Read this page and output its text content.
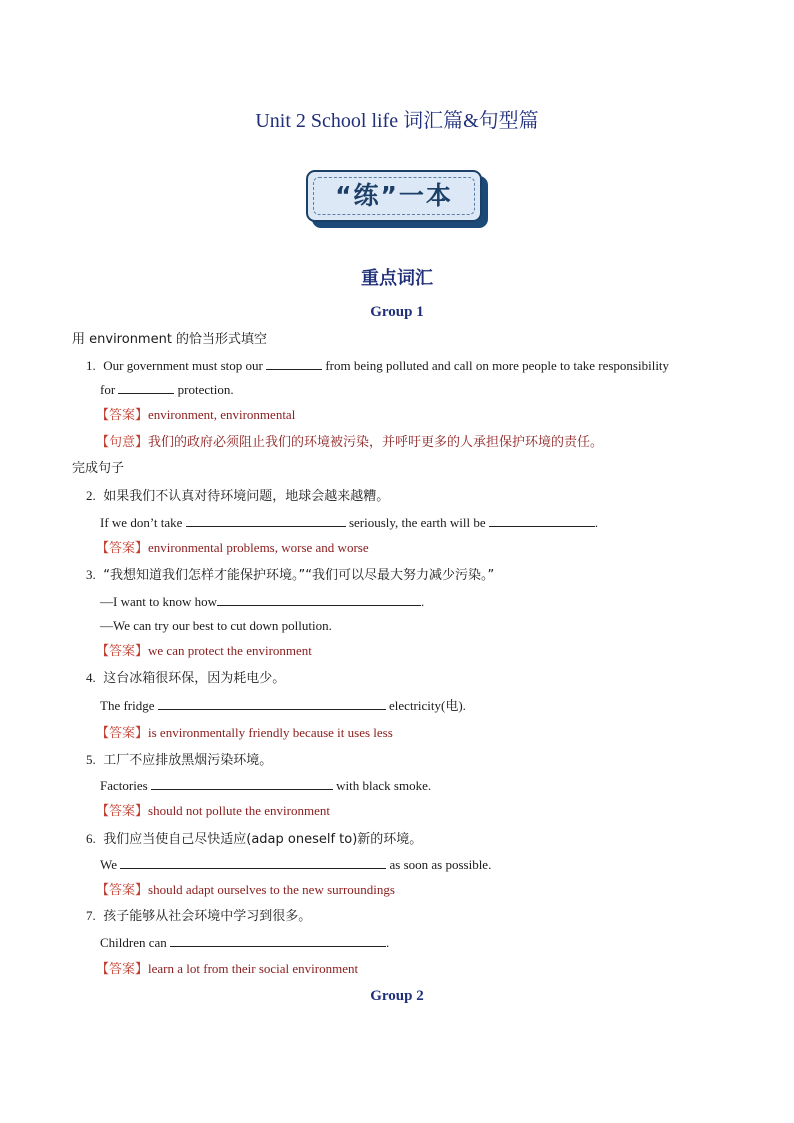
Unit 2 School life 词汇篇&句型篇
“练”一本
重点词汇
Group 1
用 environment 的恰当形式填空
1. Our government must stop our	from being polluted and call on more people to take responsibility
for	protection.
【答案】environment, environmental
【句意】我们的政府必须阻止我们的环境被污染，并呼吁更多的人承担保护环境的责任。
完成句子
2. 如果我们不认真对待环境问题，地球会越来越糟。
If we don’t take	seriously, the earth will be	.
【答案】environmental problems, worse and worse
3. “我想知道我们怎样才能保护环境。”“我们可以尽最大努力减少污染。”
—I want to know how	.
—We can try our best to cut down pollution.
【答案】we can protect the environment
4. 这台冰箱很环保，因为耗电少。
The fridge	electricity(电).
【答案】is environmentally friendly because it uses less
5. 工厂不应排放黑烟污染环境。
Factories	with black smoke.
【答案】should not pollute the environment
6. 我们应当使自己尽快适应(adap oneself to)新的环境。
We	as soon as possible.
【答案】should adapt ourselves to the new surroundings
7. 孩子能够从社会环境中学习到很多。
Children can	.
【答案】learn a lot from their social environment
Group 2
